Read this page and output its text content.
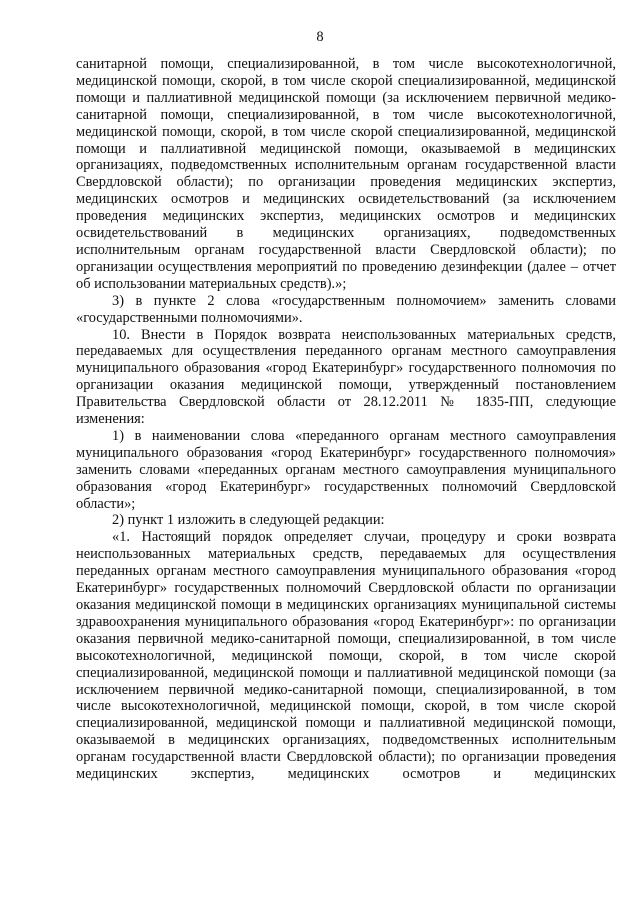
8

санитарной помощи, специализированной, в том числе высокотехнологичной, медицинской помощи, скорой, в том числе скорой специализированной, медицинской помощи и паллиативной медицинской помощи (за исключением первичной медико-санитарной помощи, специализированной, в том числе высокотехнологичной, медицинской помощи, скорой, в том числе скорой специализированной, медицинской помощи и паллиативной медицинской помощи, оказываемой в медицинских организациях, подведомственных исполнительным органам государственной власти Свердловской области); по организации проведения медицинских экспертиз, медицинских осмотров и медицинских освидетельствований (за исключением проведения медицинских экспертиз, медицинских осмотров и медицинских освидетельствований в медицинских организациях, подведомственных исполнительным органам государственной власти Свердловской области); по организации осуществления мероприятий по проведению дезинфекции (далее – отчет об использовании материальных средств).»;

3) в пункте 2 слова «государственным полномочием» заменить словами «государственными полномочиями».

10. Внести в Порядок возврата неиспользованных материальных средств, передаваемых для осуществления переданного органам местного самоуправления муниципального образования «город Екатеринбург» государственного полномочия по организации оказания медицинской помощи, утвержденный постановлением Правительства Свердловской области от 28.12.2011 № 1835-ПП, следующие изменения:

1) в наименовании слова «переданного органам местного самоуправления муниципального образования «город Екатеринбург» государственного полномочия» заменить словами «переданных органам местного самоуправления муниципального образования «город Екатеринбург» государственных полномочий Свердловской области»;

2) пункт 1 изложить в следующей редакции:

«1. Настоящий порядок определяет случаи, процедуру и сроки возврата неиспользованных материальных средств, передаваемых для осуществления переданных органам местного самоуправления муниципального образования «город Екатеринбург» государственных полномочий Свердловской области по организации оказания медицинской помощи в медицинских организациях муниципальной системы здравоохранения муниципального образования «город Екатеринбург»: по организации оказания первичной медико-санитарной помощи, специализированной, в том числе высокотехнологичной, медицинской помощи, скорой, в том числе скорой специализированной, медицинской помощи и паллиативной медицинской помощи (за исключением первичной медико-санитарной помощи, специализированной, в том числе высокотехнологичной, медицинской помощи, скорой, в том числе скорой специализированной, медицинской помощи и паллиативной медицинской помощи, оказываемой в медицинских организациях, подведомственных исполнительным органам государственной власти Свердловской области); по организации проведения медицинских экспертиз, медицинских осмотров и медицинских
